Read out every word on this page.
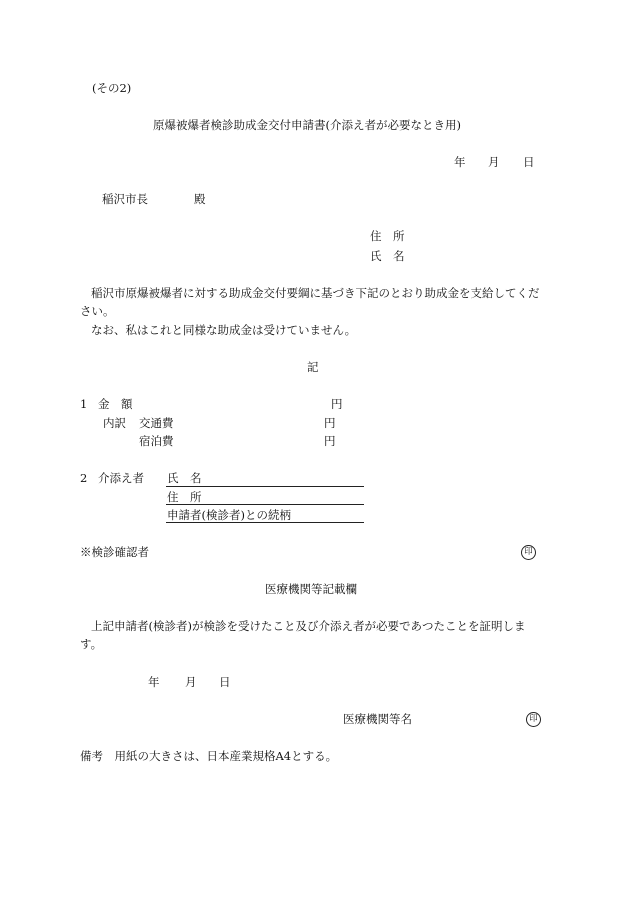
(その2)
原爆被爆者検診助成金交付申請書(介添え者が必要なとき用)
年 月 日
稲沢市長	殿
住　所
氏　名
稲沢市原爆被爆者に対する助成金交付要綱に基づき下記のとおり助成金を支給してくだ
さい。
なお、私はこれと同様な助成金は受けていません。
記
1 金　額	円
内訳 交通費	円
宿泊費	円
2 介添え者 氏　名
住　所
申請者(検診者)との続柄
※検診確認者	印
医療機関等記載欄
上記申請者(検診者)が検診を受けたこと及び介添え者が必要であつたことを証明しま
す。
年 月 日
医療機関等名	印
備考　用紙の大きさは、日本産業規格A4とする。
